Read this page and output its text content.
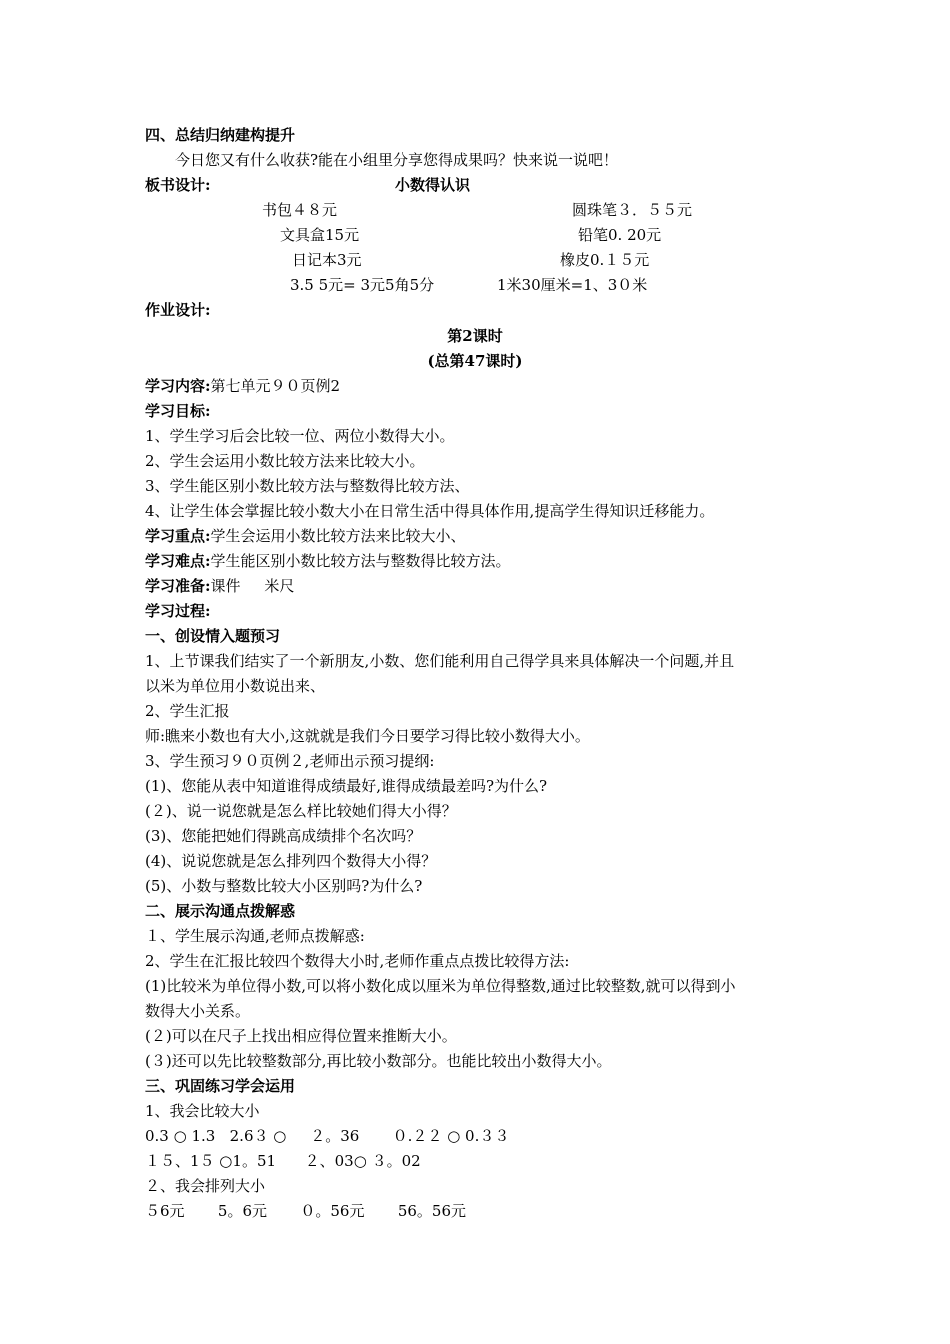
四、总结归纳建构提升
今日您又有什么收获?能在小组里分享您得成果吗？快来说一说吧！
板书设计:	小数得认识
书包４８元	圆珠笔３．５５元
文具盒15元	铅笔0. 20元
日记本3元	橡皮0.１５元
3.5 5元= 3元5角5分	1米30厘米=1、3０米
作业设计:
第2课时
(总第47课时)
学习内容:第七单元９０页例2
学习目标:
1、学生学习后会比较一位、两位小数得大小。
2、学生会运用小数比较方法来比较大小。
3、学生能区别小数比较方法与整数得比较方法、
4、让学生体会掌握比较小数大小在日常生活中得具体作用,提高学生得知识迁移能力。
学习重点:学生会运用小数比较方法来比较大小、
学习难点:学生能区别小数比较方法与整数得比较方法。
学习准备:课件     米尺
学习过程:
一、创设情入题预习
1、上节课我们结实了一个新朋友,小数、您们能利用自己得学具来具体解决一个问题,并且
以米为单位用小数说出来、
2、学生汇报
师:瞧来小数也有大小,这就就是我们今日要学习得比较小数得大小。
3、学生预习９０页例２,老师出示预习提纲:
(1)、您能从表中知道谁得成绩最好,谁得成绩最差吗?为什么?
(２)、说一说您就是怎么样比较她们得大小得？
(3)、您能把她们得跳高成绩排个名次吗？
(4)、说说您就是怎么排列四个数得大小得？
(5)、小数与整数比较大小区别吗?为什么?
二、展示沟通点拨解惑
１、学生展示沟通,老师点拨解惑:
2、学生在汇报比较四个数得大小时,老师作重点点拨比较得方法:
(1)比较米为单位得小数,可以将小数化成以厘米为单位得整数,通过比较整数,就可以得到小
数得大小关系。
(２)可以在尺子上找出相应得位置来推断大小。
(３)还可以先比较整数部分,再比较小数部分。也能比较出小数得大小。
三、巩固练习学会运用
1、我会比较大小
0.3 ○ 1.3   2.6３ ○     ２。36       ０.２２ ○ 0.３３
１５、1５ ○1。51      ２、03○ ３。02
２、我会排列大小
５6元       5。6元       ０。56元       56。56元
